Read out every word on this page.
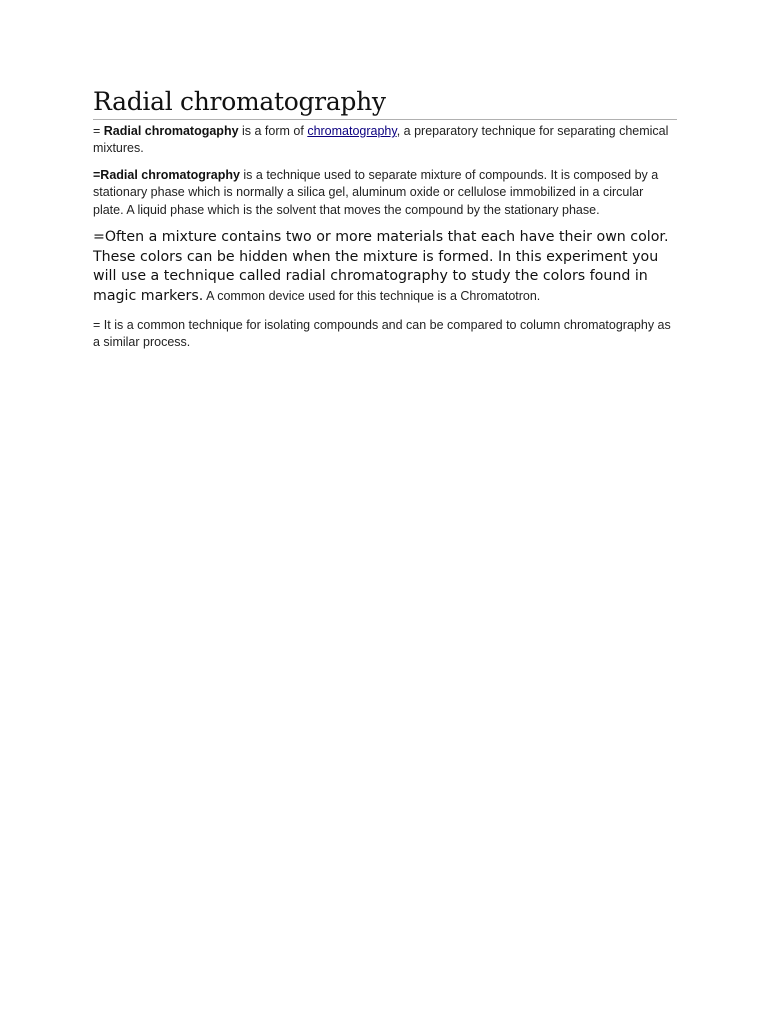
Radial chromatography

= Radial chromatogaphy is a form of chromatography, a preparatory technique for separating chemical mixtures.

=Radial chromatography is a technique used to separate mixture of compounds. It is composed by a stationary phase which is normally a silica gel, aluminum oxide or cellulose immobilized in a circular plate. A liquid phase which is the solvent that moves the compound by the stationary phase.

=Often a mixture contains two or more materials that each have their own color. These colors can be hidden when the mixture is formed. In this experiment you will use a technique called radial chromatography to study the colors found in magic markers. A common device used for this technique is a Chromatotron.

= It is a common technique for isolating compounds and can be compared to column chromatography as a similar process.
